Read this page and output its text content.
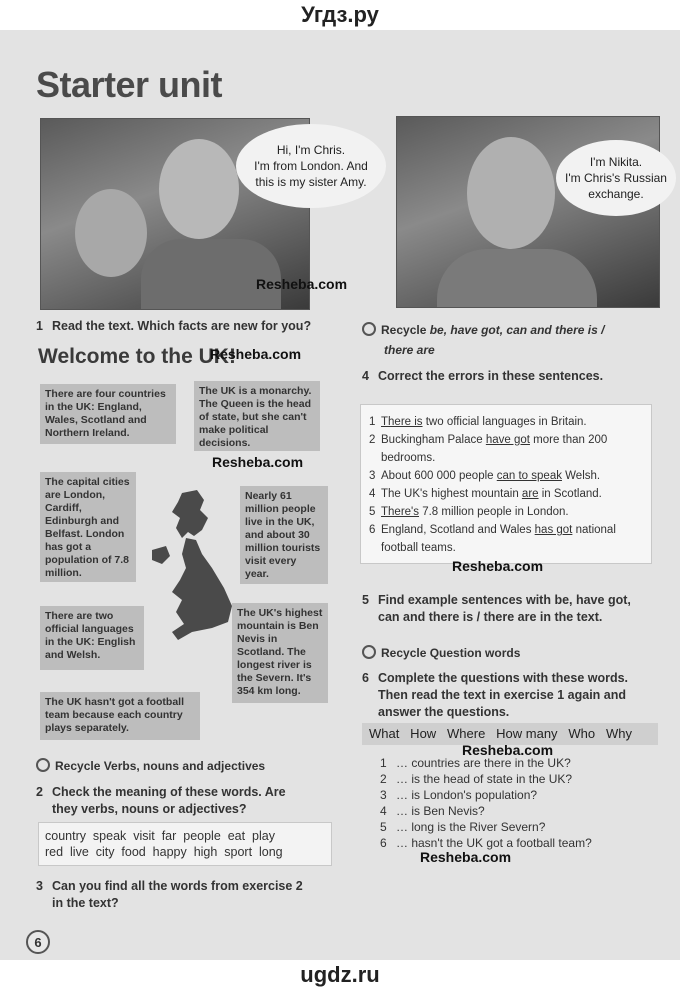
Угдз.ру
Starter unit
Hi, I'm Chris.
I'm from London. And
this is my sister Amy.
Resheba.com
I'm Nikita.
I'm Chris's Russian
exchange.
1 Read the text. Which facts are new for you?
Welcome to the UK!
Resheba.com
There are four countries in the UK: England, Wales, Scotland and Northern Ireland.
The UK is a monarchy. The Queen is the head of state, but she can't make political decisions.
Resheba.com
The capital cities are London, Cardiff, Edinburgh and Belfast. London has got a population of 7.8 million.
Nearly 61 million people live in the UK, and about 30 million tourists visit every year.
There are two official languages in the UK: English and Welsh.
The UK's highest mountain is Ben Nevis in Scotland. The longest river is the Severn. It's 354 km long.
The UK hasn't got a football team because each country plays separately.
Recycle Verbs, nouns and adjectives
2 Check the meaning of these words. Are
they verbs, nouns or adjectives?
country  speak  visit  far  people  eat  play
red  live  city  food  happy  high  sport  long
3 Can you find all the words from exercise 2
in the text?
6
Recycle be, have got, can and there is /
there are
4 Correct the errors in these sentences.
1 There is two official languages in Britain.
2 Buckingham Palace have got more than 200
bedrooms.
3 About 600 000 people can to speak Welsh.
4 The UK's highest mountain are in Scotland.
5 There's 7.8 million people in London.
6 England, Scotland and Wales has got national
football teams.
Resheba.com
5 Find example sentences with be, have got,
can and there is / there are in the text.
Recycle Question words
6 Complete the questions with these words.
Then read the text in exercise 1 again and
answer the questions.
What   How   Where   How many   Who   Why
Resheba.com
1 … countries are there in the UK?
2 … is the head of state in the UK?
3 … is London's population?
4 … is Ben Nevis?
5 … long is the River Severn?
6 … hasn't the UK got a football team?
Resheba.com
ugdz.ru
